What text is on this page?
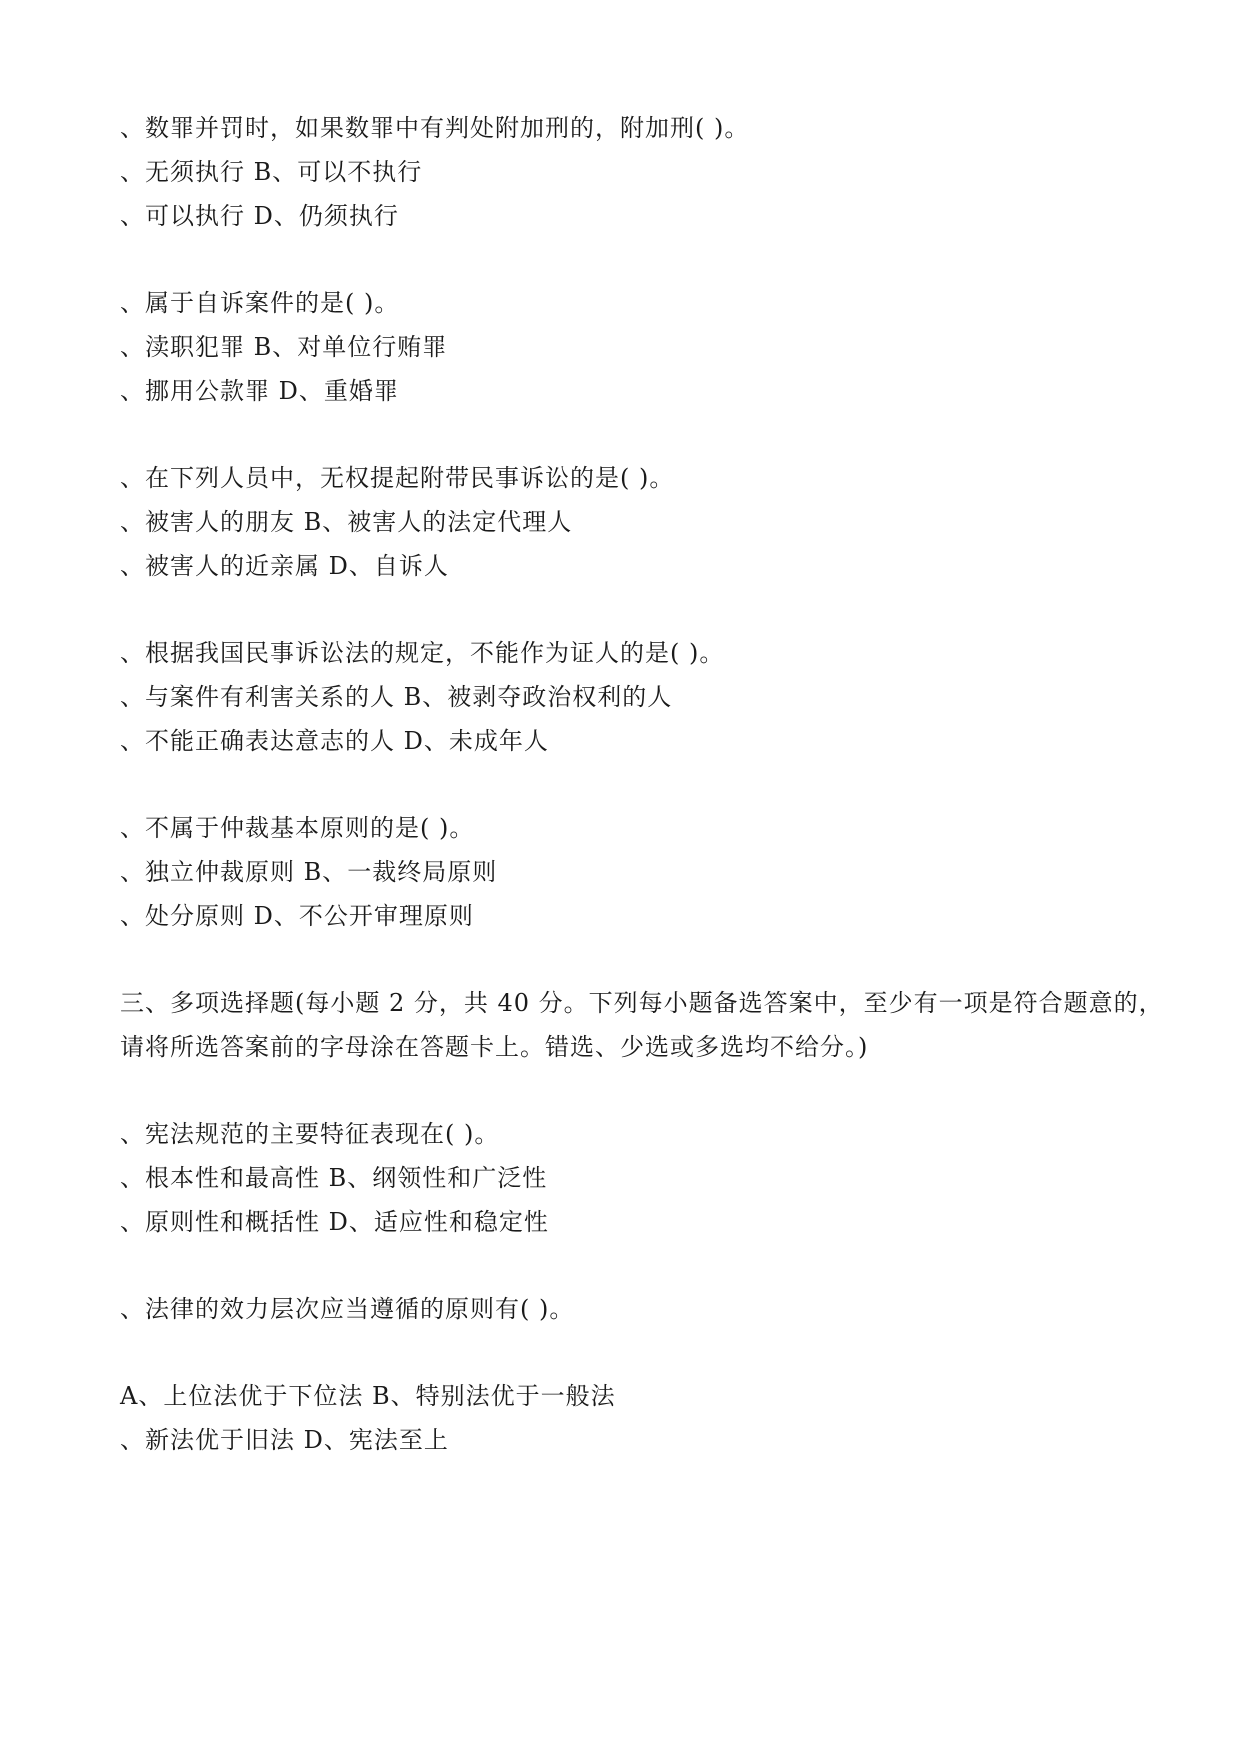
、数罪并罚时，如果数罪中有判处附加刑的，附加刑( )。
、无须执行 B、可以不执行
、可以执行 D、仍须执行
、属于自诉案件的是( )。
、渎职犯罪 B、对单位行贿罪
、挪用公款罪 D、重婚罪
、在下列人员中，无权提起附带民事诉讼的是( )。
、被害人的朋友 B、被害人的法定代理人
、被害人的近亲属 D、自诉人
、根据我国民事诉讼法的规定，不能作为证人的是( )。
、与案件有利害关系的人 B、被剥夺政治权利的人
、不能正确表达意志的人 D、未成年人
、不属于仲裁基本原则的是( )。
、独立仲裁原则 B、一裁终局原则
、处分原则 D、不公开审理原则
三、多项选择题(每小题 2 分，共 40 分。下列每小题备选答案中，至少有一项是符合题意的，
请将所选答案前的字母涂在答题卡上。错选、少选或多选均不给分。)
、宪法规范的主要特征表现在( )。
、根本性和最高性 B、纲领性和广泛性
、原则性和概括性 D、适应性和稳定性
、法律的效力层次应当遵循的原则有( )。
A、上位法优于下位法 B、特别法优于一般法
、新法优于旧法 D、宪法至上
